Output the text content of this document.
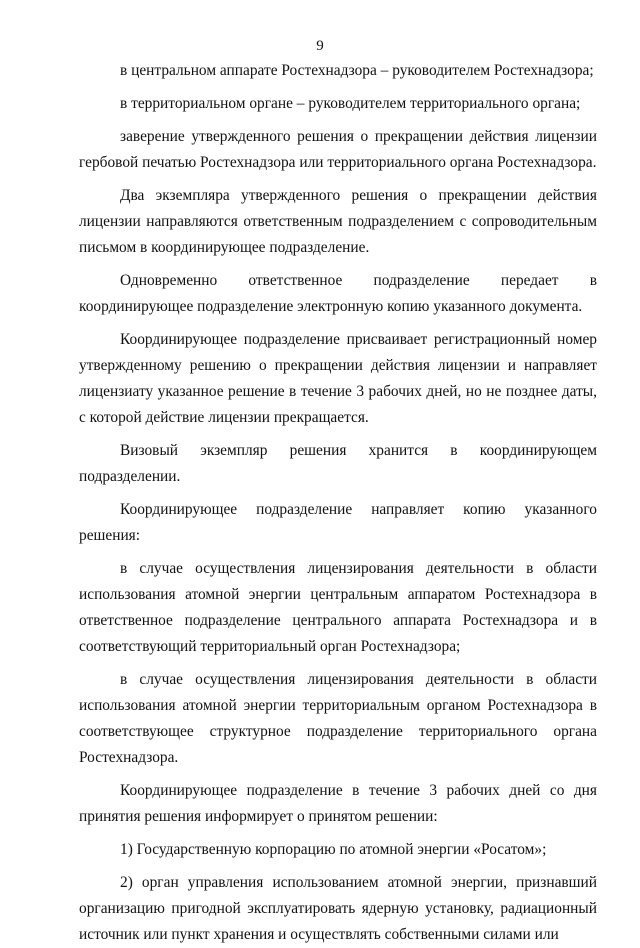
9

в центральном аппарате Ростехнадзора – руководителем Ростехнадзора;

в территориальном органе – руководителем территориального органа;

заверение утвержденного решения о прекращении действия лицензии гербовой печатью Ростехнадзора или территориального органа Ростехнадзора.

Два экземпляра утвержденного решения о прекращении действия лицензии направляются ответственным подразделением с сопроводительным письмом в координирующее подразделение.

Одновременно ответственное подразделение передает в координирующее подразделение электронную копию указанного документа.

Координирующее подразделение присваивает регистрационный номер утвержденному решению о прекращении действия лицензии и направляет лицензиату указанное решение в течение 3 рабочих дней, но не позднее даты, с которой действие лицензии прекращается.

Визовый экземпляр решения хранится в координирующем подразделении.

Координирующее подразделение направляет копию указанного решения:

в случае осуществления лицензирования деятельности в области использования атомной энергии центральным аппаратом Ростехнадзора в ответственное подразделение центрального аппарата Ростехнадзора и в соответствующий территориальный орган Ростехнадзора;

в случае осуществления лицензирования деятельности в области использования атомной энергии территориальным органом Ростехнадзора в соответствующее структурное подразделение территориального органа Ростехнадзора.

Координирующее подразделение в течение 3 рабочих дней со дня принятия решения информирует о принятом решении:

1) Государственную корпорацию по атомной энергии «Росатом»;

2) орган управления использованием атомной энергии, признавший организацию пригодной эксплуатировать ядерную установку, радиационный источник или пункт хранения и осуществлять собственными силами или
